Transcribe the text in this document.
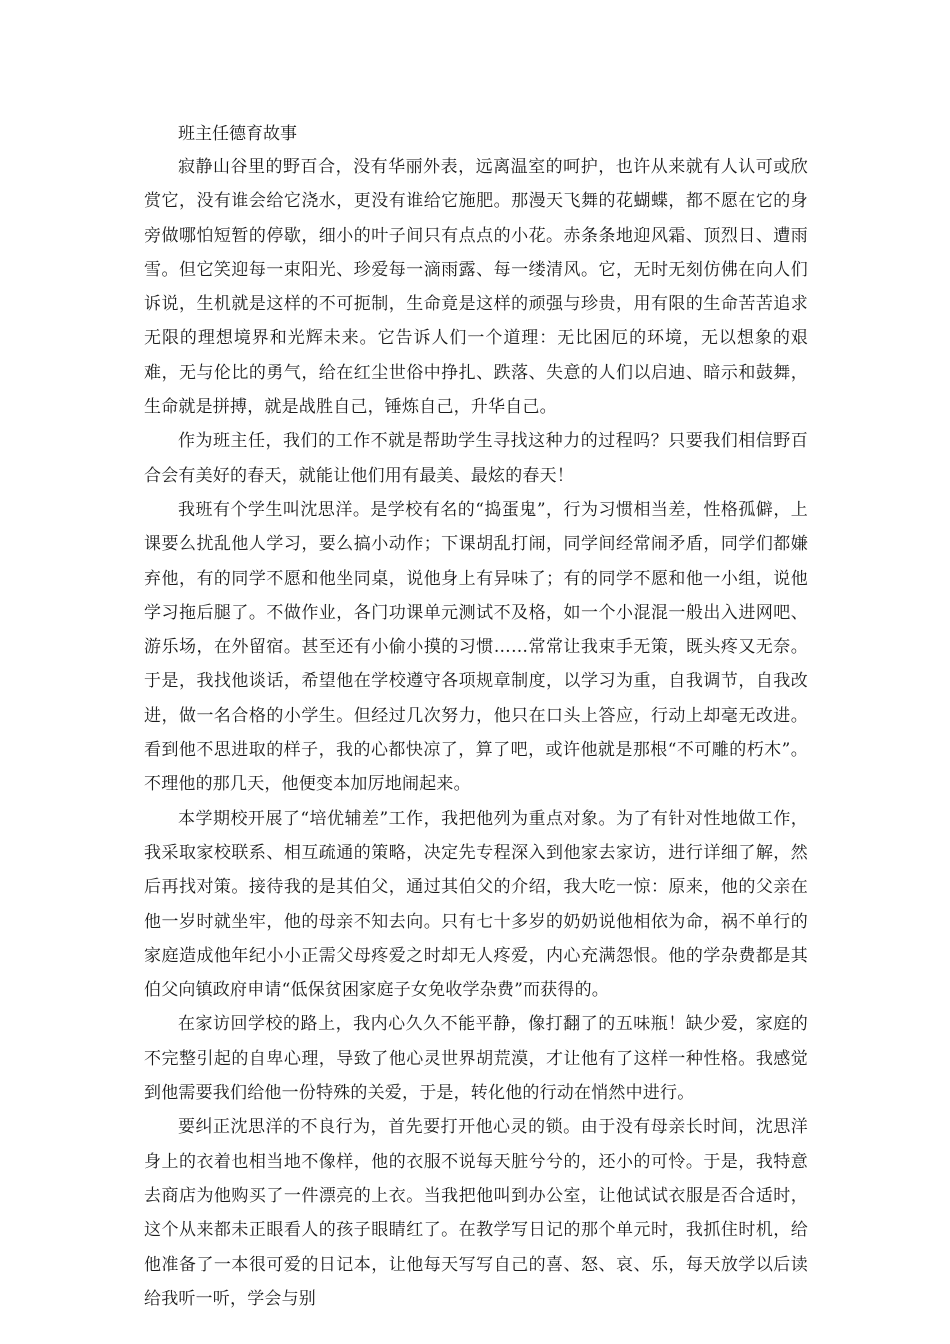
班主任德育故事

寂静山谷里的野百合，没有华丽外表，远离温室的呵护，也许从来就有人认可或欣赏它，没有谁会给它浇水，更没有谁给它施肥。那漫天飞舞的花蝴蝶，都不愿在它的身旁做哪怕短暂的停歇，细小的叶子间只有点点的小花。赤条条地迎风霜、顶烈日、遭雨雪。但它笑迎每一束阳光、珍爱每一滴雨露、每一缕清风。它，无时无刻仿佛在向人们诉说，生机就是这样的不可扼制，生命竟是这样的顽强与珍贵，用有限的生命苦苦追求无限的理想境界和光辉未来。它告诉人们一个道理：无比困厄的环境，无以想象的艰难，无与伦比的勇气，给在红尘世俗中挣扎、跌落、失意的人们以启迪、暗示和鼓舞，生命就是拼搏，就是战胜自己，锤炼自己，升华自己。

作为班主任，我们的工作不就是帮助学生寻找这种力的过程吗？只要我们相信野百合会有美好的春天，就能让他们用有最美、最炫的春天！

我班有个学生叫沈思洋。是学校有名的“捣蛋鬼”，行为习惯相当差，性格孤僻，上课要么扰乱他人学习，要么搞小动作；下课胡乱打闹，同学间经常闹矛盾，同学们都嫌弃他，有的同学不愿和他坐同桌，说他身上有异味了；有的同学不愿和他一小组，说他学习拖后腿了。不做作业，各门功课单元测试不及格，如一个小混混一般出入进网吧、游乐场，在外留宿。甚至还有小偷小摸的习惯……常常让我束手无策，既头疼又无奈。于是，我找他谈话，希望他在学校遵守各项规章制度，以学习为重，自我调节，自我改进，做一名合格的小学生。但经过几次努力，他只在口头上答应，行动上却毫无改进。看到他不思进取的样子，我的心都快凉了，算了吧，或许他就是那根“不可雕的朽木”。不理他的那几天，他便变本加厉地闹起来。

本学期校开展了“培优辅差”工作，我把他列为重点对象。为了有针对性地做工作，我采取家校联系、相互疏通的策略，决定先专程深入到他家去家访，进行详细了解，然后再找对策。接待我的是其伯父，通过其伯父的介绍，我大吃一惊：原来，他的父亲在他一岁时就坐牢，他的母亲不知去向。只有七十多岁的奶奶说他相依为命，祸不单行的家庭造成他年纪小小正需父母疼爱之时却无人疼爱，内心充满怨恨。他的学杂费都是其伯父向镇政府申请“低保贫困家庭子女免收学杂费”而获得的。

在家访回学校的路上，我内心久久不能平静，像打翻了的五味瓶！缺少爱，家庭的不完整引起的自卑心理，导致了他心灵世界胡荒漠，才让他有了这样一种性格。我感觉到他需要我们给他一份特殊的关爱，于是，转化他的行动在悄然中进行。

要纠正沈思洋的不良行为，首先要打开他心灵的锁。由于没有母亲长时间，沈思洋身上的衣着也相当地不像样，他的衣服不说每天脏兮兮的，还小的可怜。于是，我特意去商店为他购买了一件漂亮的上衣。当我把他叫到办公室，让他试试衣服是否合适时，这个从来都未正眼看人的孩子眼睛红了。在教学写日记的那个单元时，我抓住时机，给他准备了一本很可爱的日记本，让他每天写写自己的喜、怒、哀、乐，每天放学以后读给我听一听，学会与别
